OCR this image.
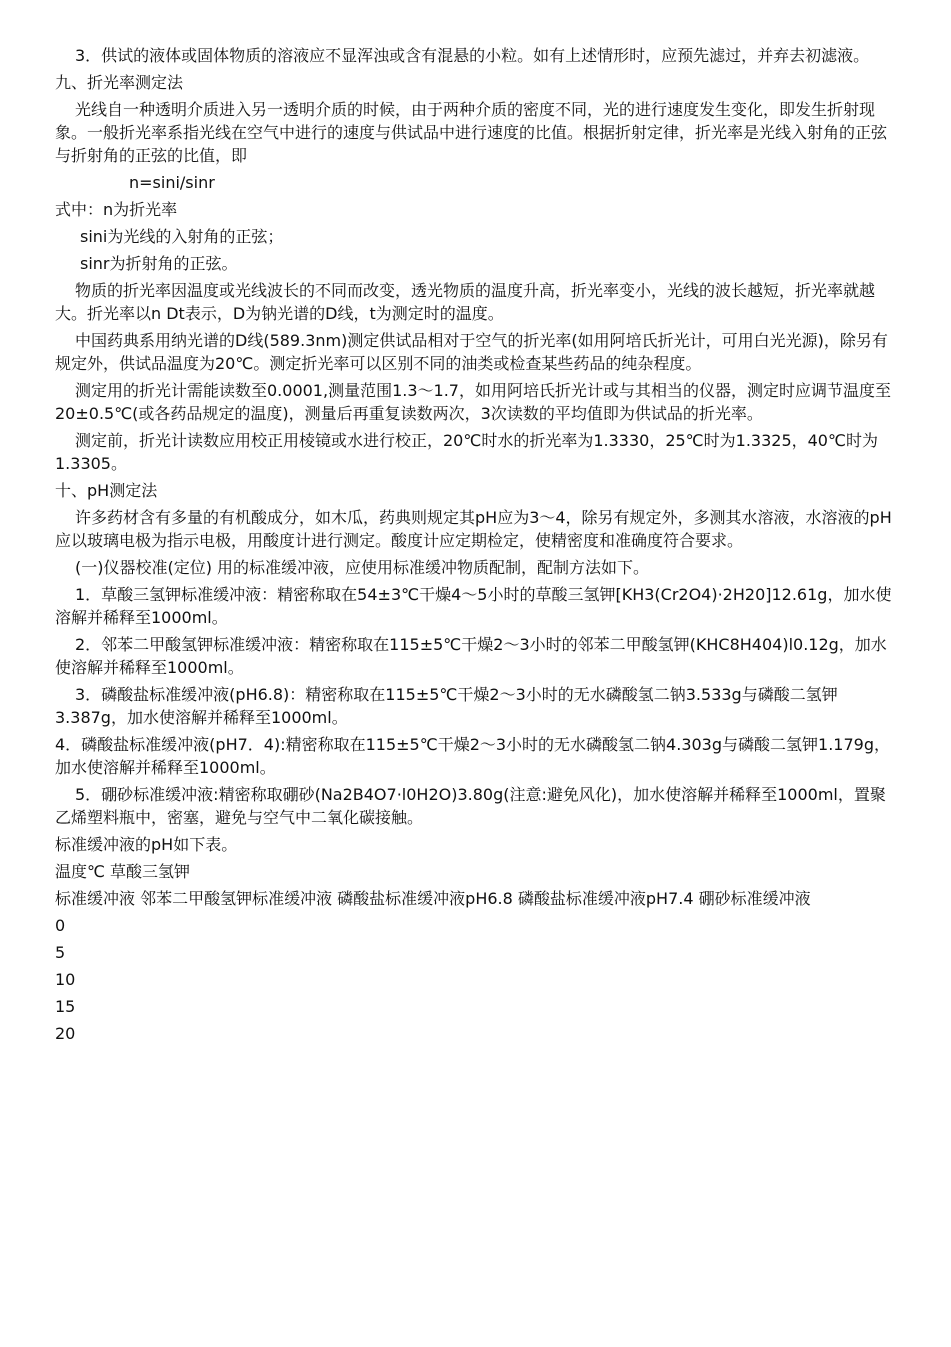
3．供试的液体或固体物质的溶液应不显浑浊或含有混悬的小粒。如有上述情形时，应预先滤过，并弃去初滤液。
九、折光率测定法
光线自一种透明介质进入另一透明介质的时候，由于两种介质的密度不同，光的进行速度发生变化，即发生折射现象。一般折光率系指光线在空气中进行的速度与供试品中进行速度的比值。根据折射定律，折光率是光线入射角的正弦与折射角的正弦的比值，即
n=sini/sinr
式中：n为折光率
sini为光线的入射角的正弦；
sinr为折射角的正弦。
物质的折光率因温度或光线波长的不同而改变，透光物质的温度升高，折光率变小，光线的波长越短，折光率就越大。折光率以n Dt表示，D为钠光谱的D线，t为测定时的温度。
中国药典系用纳光谱的D线(589.3nm)测定供试品相对于空气的折光率(如用阿培氏折光计，可用白光光源)，除另有规定外，供试品温度为20℃。测定折光率可以区别不同的油类或检查某些药品的纯杂程度。
测定用的折光计需能读数至0.0001,测量范围1.3～1.7，如用阿培氏折光计或与其相当的仪器，测定时应调节温度至20±0.5℃(或各药品规定的温度)，测量后再重复读数两次，3次读数的平均值即为供试品的折光率。
测定前，折光计读数应用校正用棱镜或水进行校正，20℃时水的折光率为1.3330，25℃时为1.3325，40℃时为1.3305。
十、pH测定法
许多药材含有多量的有机酸成分，如木瓜，药典则规定其pH应为3～4，除另有规定外，多测其水溶液，水溶液的pH应以玻璃电极为指示电极，用酸度计进行测定。酸度计应定期检定，使精密度和准确度符合要求。
(一)仪器校准(定位) 用的标准缓冲液，应使用标准缓冲物质配制，配制方法如下。
1．草酸三氢钾标准缓冲液：精密称取在54±3℃干燥4～5小时的草酸三氢钾[KH3(Cr2O4)·2H20]12.61g，加水使溶解并稀释至1000ml。
2．邻苯二甲酸氢钾标准缓冲液：精密称取在115±5℃干燥2～3小时的邻苯二甲酸氢钾(KHC8H404)l0.12g，加水使溶解并稀释至1000ml。
3．磷酸盐标准缓冲液(pH6.8)：精密称取在115±5℃干燥2～3小时的无水磷酸氢二钠3.533g与磷酸二氢钾3.387g，加水使溶解并稀释至1000ml。
4．磷酸盐标准缓冲液(pH7．4):精密称取在115±5℃干燥2～3小时的无水磷酸氢二钠4.303g与磷酸二氢钾1.179g，加水使溶解并稀释至1000ml。
5．硼砂标准缓冲液:精密称取硼砂(Na2B4O7·l0H2O)3.80g(注意:避免风化)，加水使溶解并稀释至1000ml，置聚乙烯塑料瓶中，密塞，避免与空气中二氧化碳接触。
标准缓冲液的pH如下表。
温度℃ 草酸三氢钾
标准缓冲液 邻苯二甲酸氢钾标准缓冲液 磷酸盐标准缓冲液pH6.8 磷酸盐标准缓冲液pH7.4 硼砂标准缓冲液
0
5
10
15
20
